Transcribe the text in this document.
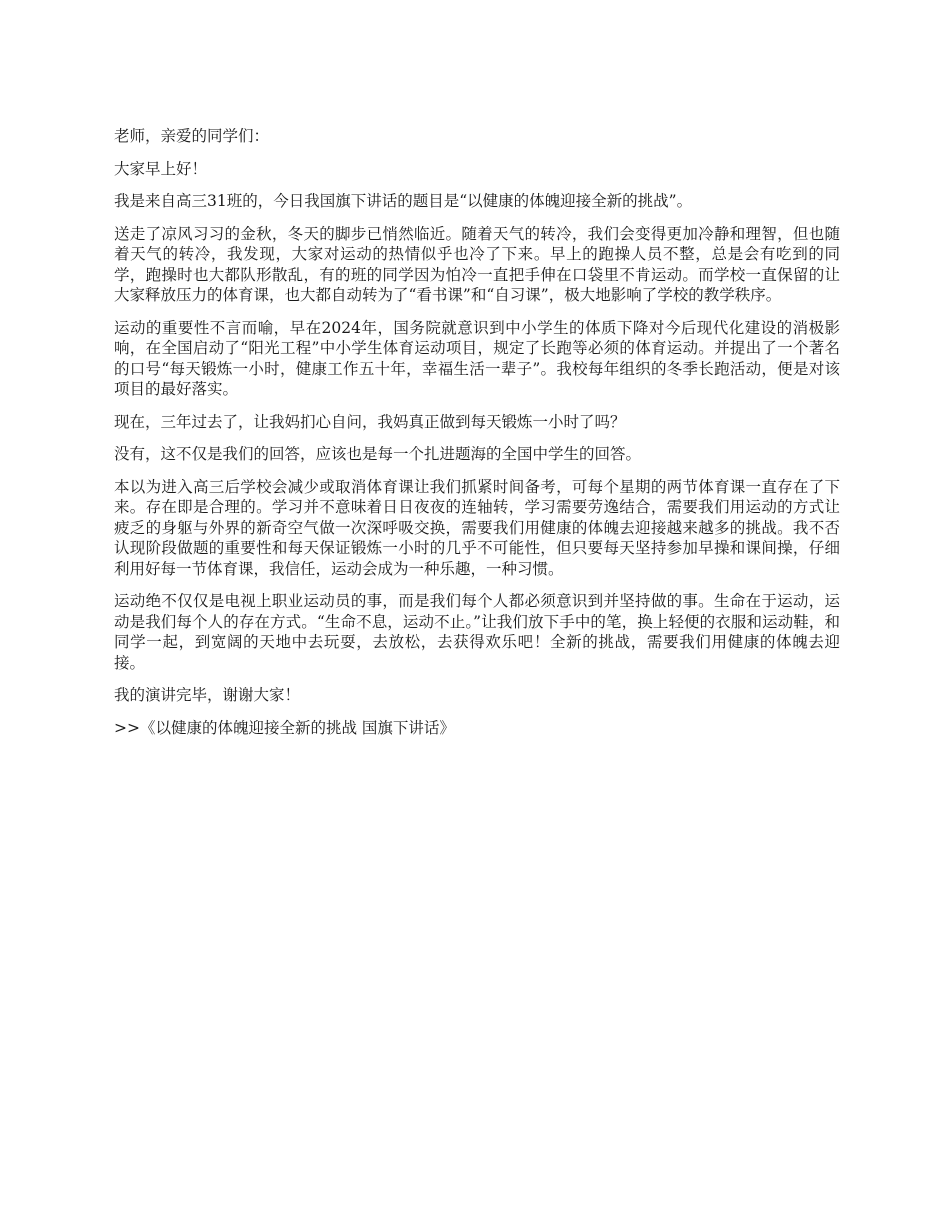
老师，亲爱的同学们：

大家早上好！

我是来自高三31班的，今日我国旗下讲话的题目是“以健康的体魄迎接全新的挑战”。

送走了凉风习习的金秋，冬天的脚步已悄然临近。随着天气的转冷，我们会变得更加冷静和理智，但也随着天气的转冷，我发现，大家对运动的热情似乎也冷了下来。早上的跑操人员不整，总是会有吃到的同学，跑操时也大都队形散乱，有的班的同学因为怕冷一直把手伸在口袋里不肯运动。而学校一直保留的让大家释放压力的体育课，也大都自动转为了“看书课”和“自习课”，极大地影响了学校的教学秩序。

运动的重要性不言而喻，早在2024年，国务院就意识到中小学生的体质下降对今后现代化建设的消极影响，在全国启动了“阳光工程”中小学生体育运动项目，规定了长跑等必须的体育运动。并提出了一个著名的口号“每天锻炼一小时，健康工作五十年，幸福生活一辈子”。我校每年组织的冬季长跑活动，便是对该项目的最好落实。

现在，三年过去了，让我妈扪心自问，我妈真正做到每天锻炼一小时了吗？

没有，这不仅是我们的回答，应该也是每一个扎进题海的全国中学生的回答。

本以为进入高三后学校会减少或取消体育课让我们抓紧时间备考，可每个星期的两节体育课一直存在了下来。存在即是合理的。学习并不意味着日日夜夜的连轴转，学习需要劳逸结合，需要我们用运动的方式让疲乏的身躯与外界的新奇空气做一次深呼吸交换，需要我们用健康的体魄去迎接越来越多的挑战。我不否认现阶段做题的重要性和每天保证锻炼一小时的几乎不可能性，但只要每天坚持参加早操和课间操，仔细利用好每一节体育课，我信任，运动会成为一种乐趣，一种习惯。

运动绝不仅仅是电视上职业运动员的事，而是我们每个人都必须意识到并坚持做的事。生命在于运动，运动是我们每个人的存在方式。“生命不息，运动不止。”让我们放下手中的笔，换上轻便的衣服和运动鞋，和同学一起，到宽阔的天地中去玩耍，去放松，去获得欢乐吧！全新的挑战，需要我们用健康的体魄去迎接。

我的演讲完毕，谢谢大家！

>>《以健康的体魄迎接全新的挑战 国旗下讲话》
